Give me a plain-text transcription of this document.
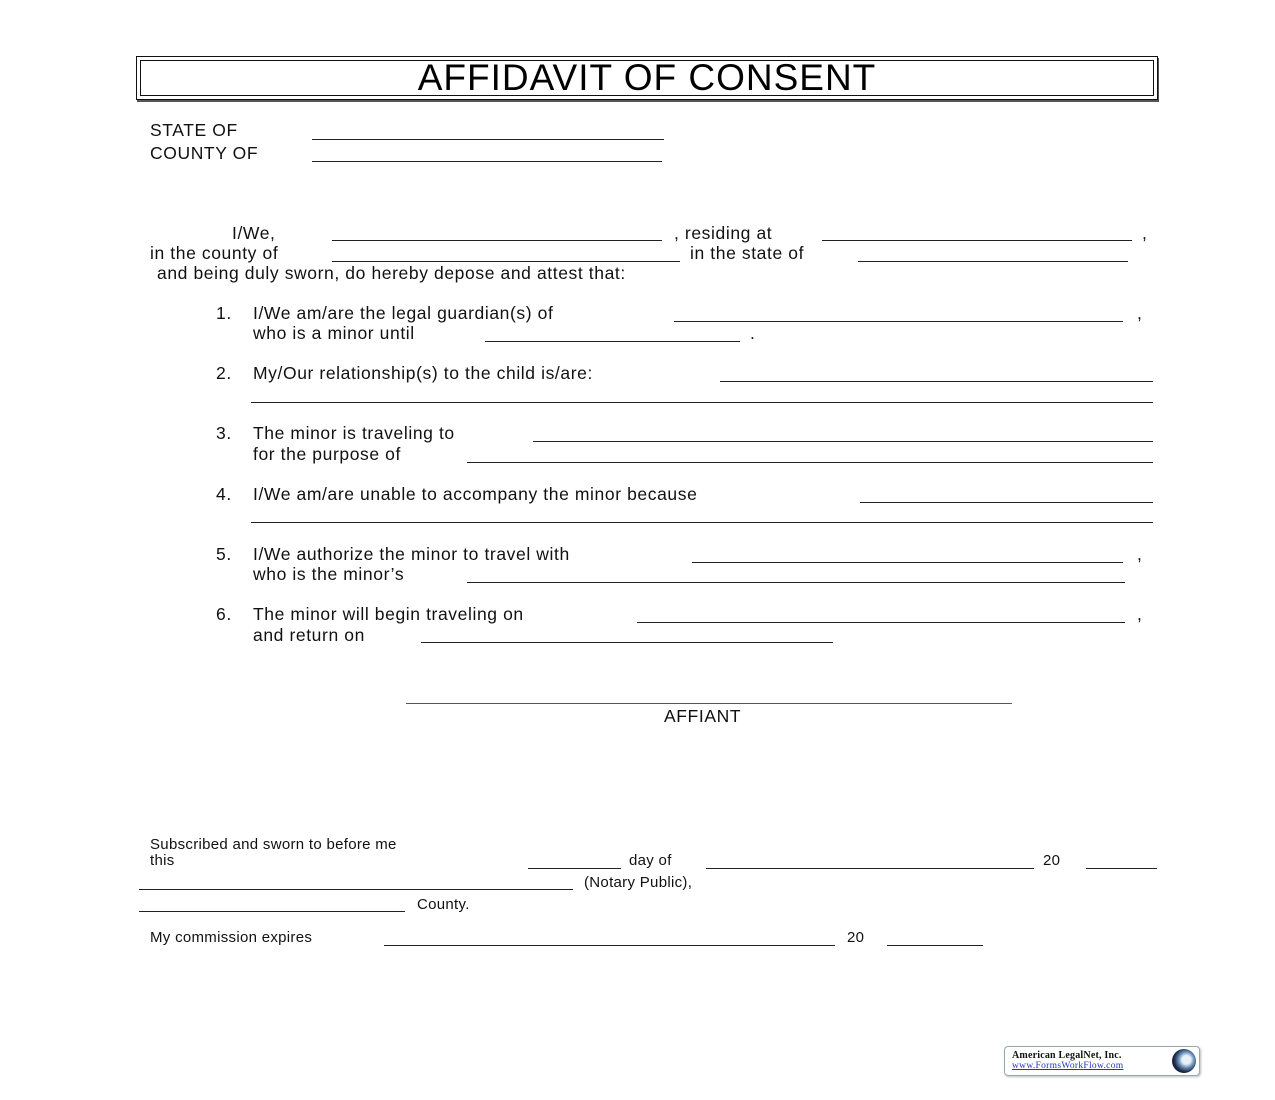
AFFIDAVIT OF CONSENT
STATE OF
COUNTY OF
I/We,	, residing at	,
in the county of	in the state of
and being duly sworn, do hereby depose and attest that:
1. I/We am/are the legal guardian(s) of	,
who is a minor until	.
2. My/Our relationship(s) to the child is/are:
3. The minor is traveling to
for the purpose of
4. I/We am/are unable to accompany the minor because
5. I/We authorize the minor to travel with	,
who is the minor’s
6. The minor will begin traveling on	,
and return on
AFFIANT
Subscribed and sworn to before me
this	day of	20
(Notary Public),
County.
My commission expires	20
American LegalNet, Inc.
www.FormsWorkFlow.com
